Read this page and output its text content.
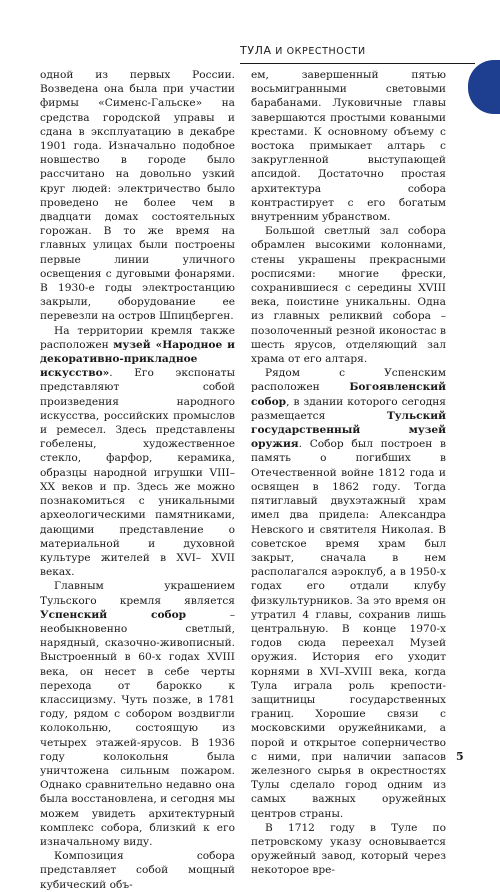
ТУЛА И ОКРЕСТНОСТИ

одной из первых России. Возведена она была при участии фирмы «Сименс-Гальске» на средства городской управы и сдана в эксплуатацию в декабре 1901 года. Изначально подобное новшество в городе было рассчитано на довольно узкий круг людей: электричество было проведено не более чем в двадцати домах состоятельных горожан. В то же время на главных улицах были построены первые линии уличного освещения с дуговыми фонарями. В 1930-е годы электростанцию закрыли, оборудование ее перевезли на остров Шпицберген.

На территории кремля также расположен музей «Народное и декоративно-прикладное искусство». Его экспонаты представляют собой произведения народного искусства, российских промыслов и ремесел. Здесь представлены гобелены, художественное стекло, фарфор, керамика, образцы народной игрушки VIII–XX веков и пр. Здесь же можно познакомиться с уникальными археологическими памятниками, дающими представление о материальной и духовной культуре жителей в XVI– XVII веках.

Главным украшением Тульского кремля является Успенский собор – необыкновенно светлый, нарядный, сказочно-живописный. Выстроенный в 60-х годах XVIII века, он несет в себе черты перехода от барокко к классицизму. Чуть позже, в 1781 году, рядом с собором воздвигли колокольню, состоящую из четырех этажей-ярусов. В 1936 году колокольня была уничтожена сильным пожаром. Однако сравнительно недавно она была восстановлена, и сегодня мы можем увидеть архитектурный комплекс собора, близкий к его изначальному виду.

Композиция собора представляет собой мощный кубический объ-

ем, завершенный пятью восьмигранными световыми барабанами. Луковичные главы завершаются простыми коваными крестами. К основному объему с востока примыкает алтарь с закругленной выступающей апсидой. Достаточно простая архитектура собора контрастирует с его богатым внутренним убранством.

Большой светлый зал собора обрамлен высокими колоннами, стены украшены прекрасными росписями: многие фрески, сохранившиеся с середины XVIII века, поистине уникальны. Одна из главных реликвий собора – позолоченный резной иконостас в шесть ярусов, отделяющий зал храма от его алтаря.

Рядом с Успенским расположен Богоявленский собор, в здании которого сегодня размещается Тульский государственный музей оружия. Собор был построен в память о погибших в Отечественной войне 1812 года и освящен в 1862 году. Тогда пятиглавый двухэтажный храм имел два придела: Александра Невского и святителя Николая. В советское время храм был закрыт, сначала в нем располагался аэроклуб, а в 1950-х годах его отдали клубу физкультурников. За это время он утратил 4 главы, сохранив лишь центральную. В конце 1970-х годов сюда переехал Музей оружия. История его уходит корнями в XVI–XVIII века, когда Тула играла роль крепости-защитницы государственных границ. Хорошие связи с московскими оружейниками, а порой и открытое соперничество с ними, при наличии запасов железного сырья в окрестностях Тулы сделало город одним из самых важных оружейных центров страны.

В 1712 году в Туле по петровскому указу основывается оружейный завод, который через некоторое вре-

5
